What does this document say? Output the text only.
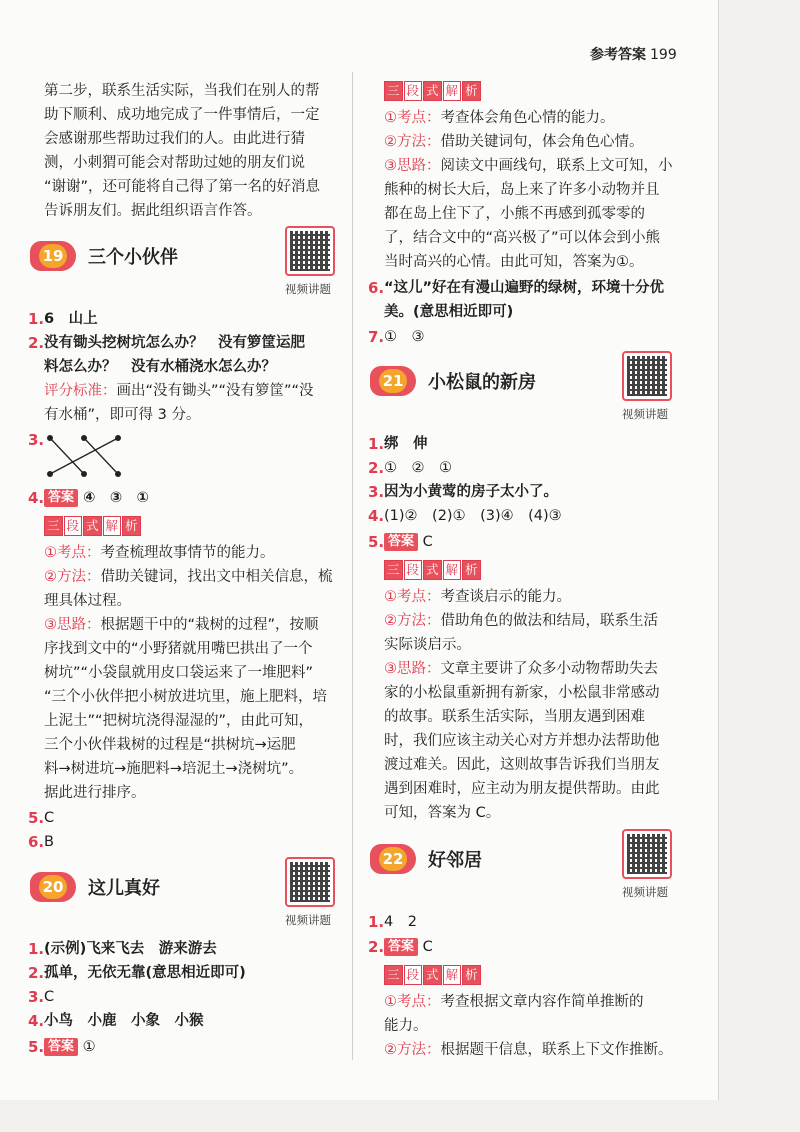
参考答案 199
第二步，联系生活实际，当我们在别人的帮
助下顺利、成功地完成了一件事情后，一定
会感谢那些帮助过我们的人。由此进行猜
测，小刺猬可能会对帮助过她的朋友们说
“谢谢”，还可能将自己得了第一名的好消息
告诉朋友们。据此组织语言作答。
19 三个小伙伴
视频讲题
1. 6　山上
2. 没有锄头挖树坑怎么办？　没有箩筐运肥
料怎么办？　没有水桶浇水怎么办？
评分标准：画出“没有锄头”“没有箩筐”“没
有水桶”，即可得 3 分。
3.
4. 答案 ④　③　①
三 段 式 解 析
①考点：考查梳理故事情节的能力。
②方法：借助关键词，找出文中相关信息，梳
理具体过程。
③思路：根据题干中的“栽树的过程”，按顺
序找到文中的“小野猪就用嘴巴拱出了一个
树坑”“小袋鼠就用皮口袋运来了一堆肥料”
“三个小伙伴把小树放进坑里，施上肥料，培
上泥土”“把树坑浇得湿湿的”，由此可知，
三个小伙伴栽树的过程是“拱树坑→运肥
料→树进坑→施肥料→培泥土→浇树坑”。
据此进行排序。
5. C
6. B
20 这儿真好
视频讲题
1. (示例)飞来飞去　游来游去
2. 孤单，无依无靠(意思相近即可)
3. C
4. 小鸟　小鹿　小象　小猴
5. 答案 ①
三 段 式 解 析
①考点：考查体会角色心情的能力。
②方法：借助关键词句，体会角色心情。
③思路：阅读文中画线句，联系上文可知，小
熊种的树长大后，岛上来了许多小动物并且
都在岛上住下了，小熊不再感到孤零零的
了，结合文中的“高兴极了”可以体会到小熊
当时高兴的心情。由此可知，答案为①。
6. “这儿”好在有漫山遍野的绿树，环境十分优
美。(意思相近即可)
7. ①　③
21 小松鼠的新房
视频讲题
1. 绑　伸
2. ①　②　①
3. 因为小黄莺的房子太小了。
4. (1)②　(2)①　(3)④　(4)③
5. 答案 C
三 段 式 解 析
①考点：考查谈启示的能力。
②方法：借助角色的做法和结局，联系生活
实际谈启示。
③思路：文章主要讲了众多小动物帮助失去
家的小松鼠重新拥有新家，小松鼠非常感动
的故事。联系生活实际，当朋友遇到困难
时，我们应该主动关心对方并想办法帮助他
渡过难关。因此，这则故事告诉我们当朋友
遇到困难时，应主动为朋友提供帮助。由此
可知，答案为 C。
22 好邻居
视频讲题
1. 4　2
2. 答案 C
三 段 式 解 析
①考点：考查根据文章内容作简单推断的
能力。
②方法：根据题干信息，联系上下文作推断。
